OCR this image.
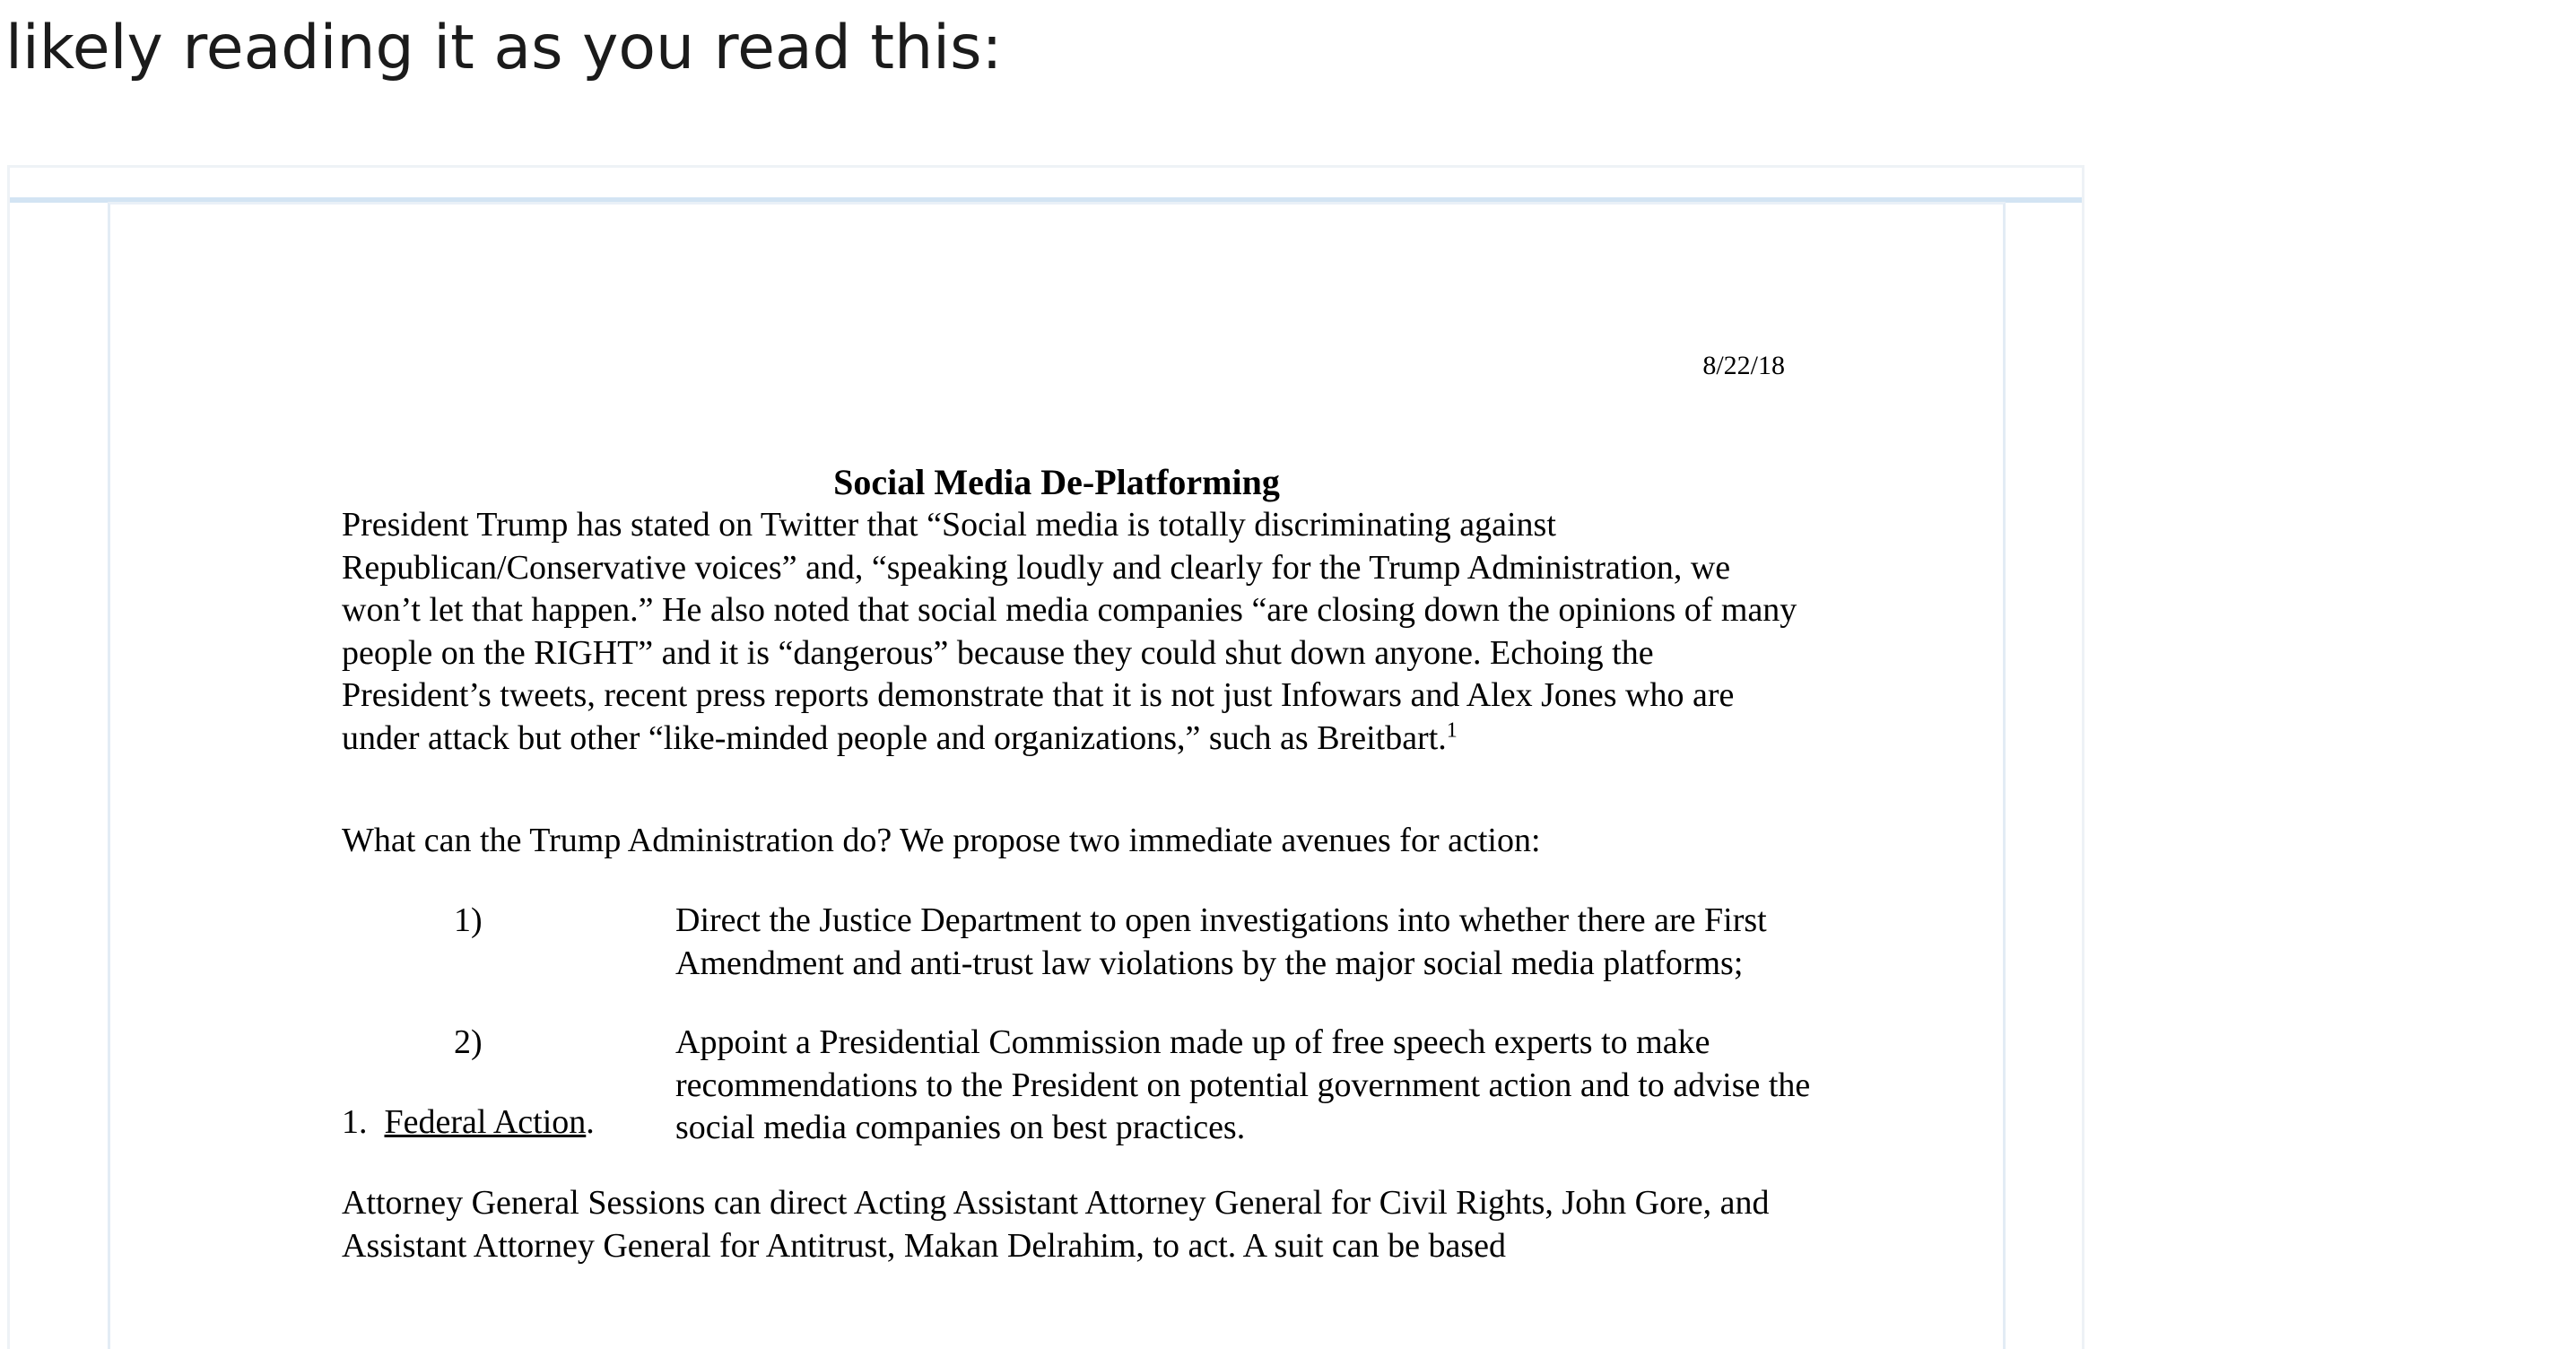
likely reading it as you read this:
8/22/18
Social Media De-Platforming

President Trump has stated on Twitter that “Social media is totally discriminating against Republican/Conservative voices” and, “speaking loudly and clearly for the Trump Administration, we won’t let that happen.” He also noted that social media companies “are closing down the opinions of many people on the RIGHT” and it is “dangerous” because they could shut down anyone. Echoing the President’s tweets, recent press reports demonstrate that it is not just Infowars and Alex Jones who are under attack but other “like-minded people and organizations,” such as Breitbart.$^1$

What can the Trump Administration do? We propose two immediate avenues for action:

1)	Direct the Justice Department to open investigations into whether there are First Amendment and anti-trust law violations by the major social media platforms;

2)	Appoint a Presidential Commission made up of free speech experts to make recommendations to the President on potential government action and to advise the social media companies on best practices.

1. Federal Action.

Attorney General Sessions can direct Acting Assistant Attorney General for Civil Rights, John Gore, and Assistant Attorney General for Antitrust, Makan Delrahim, to act. A suit can be based
